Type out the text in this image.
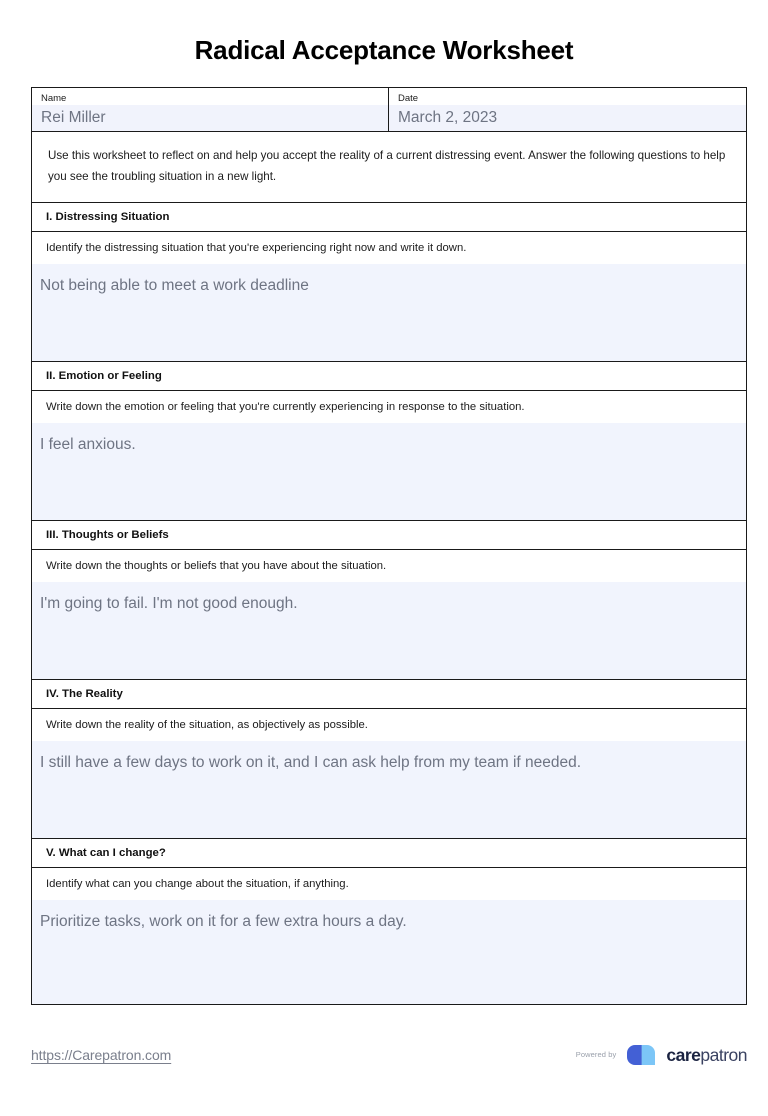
Radical Acceptance Worksheet
Name
Rei Miller
Date
March 2, 2023

Use this worksheet to reflect on and help you accept the reality of a current distressing event. Answer the following questions to help you see the troubling situation in a new light.

I. Distressing Situation
Identify the distressing situation that you're experiencing right now and write it down.

Not being able to meet a work deadline

II. Emotion or Feeling
Write down the emotion or feeling that you're currently experiencing in response to the situation.

I feel anxious.

III. Thoughts or Beliefs
Write down the thoughts or beliefs that you have about the situation.

I'm going to fail. I'm not good enough.

IV. The Reality
Write down the reality of the situation, as objectively as possible.

I still have a few days to work on it, and I can ask help from my team if needed.

V. What can I change?
Identify what can you change about the situation, if anything.

Prioritize tasks, work on it for a few extra hours a day.

https://Carepatron.com	Powered by	carepatron
